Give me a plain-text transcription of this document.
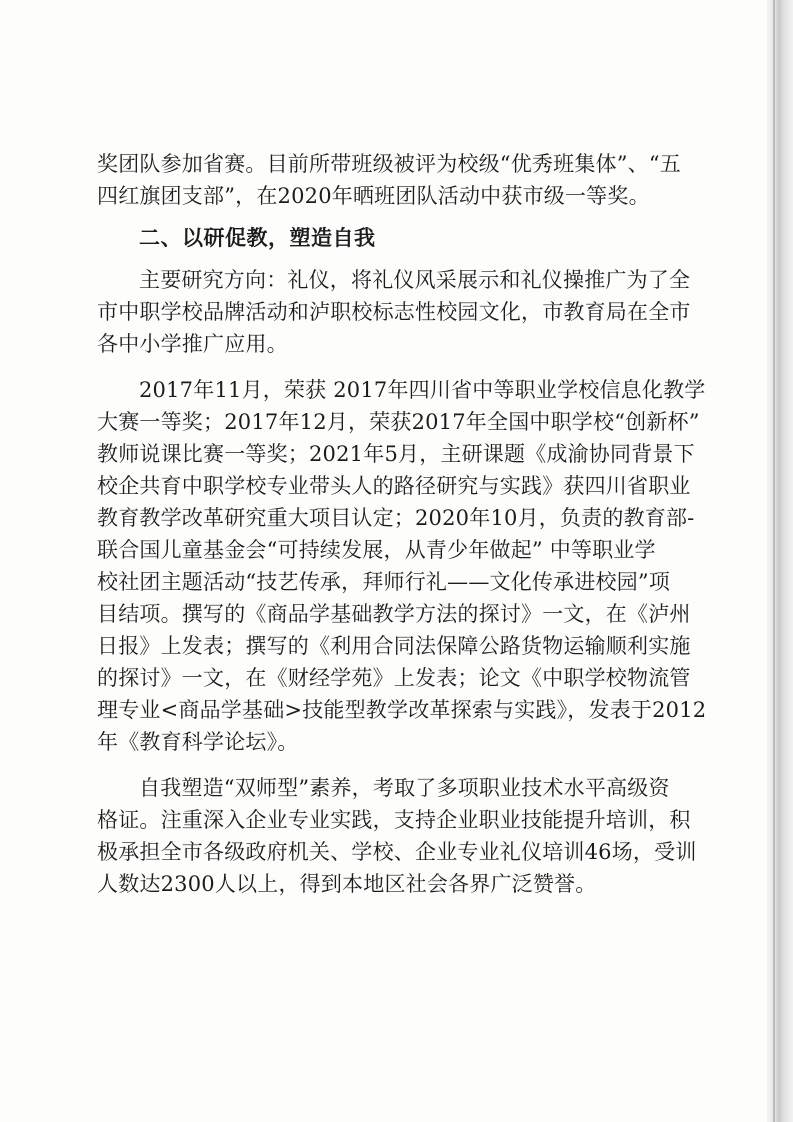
奖团队参加省赛。目前所带班级被评为校级“优秀班集体”、“五
四红旗团支部”，在2020年晒班团队活动中获市级一等奖。

二、以研促教，塑造自我

主要研究方向：礼仪，将礼仪风采展示和礼仪操推广为了全
市中职学校品牌活动和泸职校标志性校园文化，市教育局在全市
各中小学推广应用。

2017年11月，荣获 2017年四川省中等职业学校信息化教学
大赛一等奖；2017年12月，荣获2017年全国中职学校“创新杯”
教师说课比赛一等奖；2021年5月，主研课题《成渝协同背景下
校企共育中职学校专业带头人的路径研究与实践》获四川省职业
教育教学改革研究重大项目认定；2020年10月，负责的教育部-
联合国儿童基金会“可持续发展，从青少年做起” 中等职业学
校社团主题活动“技艺传承，拜师行礼——文化传承进校园”项
目结项。撰写的《商品学基础教学方法的探讨》一文，在《泸州
日报》上发表；撰写的《利用合同法保障公路货物运输顺利实施
的探讨》一文，在《财经学苑》上发表；论文《中职学校物流管
理专业<商品学基础>技能型教学改革探索与实践》，发表于2012
年《教育科学论坛》。

自我塑造“双师型”素养，考取了多项职业技术水平高级资
格证。注重深入企业专业实践，支持企业职业技能提升培训，积
极承担全市各级政府机关、学校、企业专业礼仪培训46场，受训
人数达2300人以上，得到本地区社会各界广泛赞誉。
